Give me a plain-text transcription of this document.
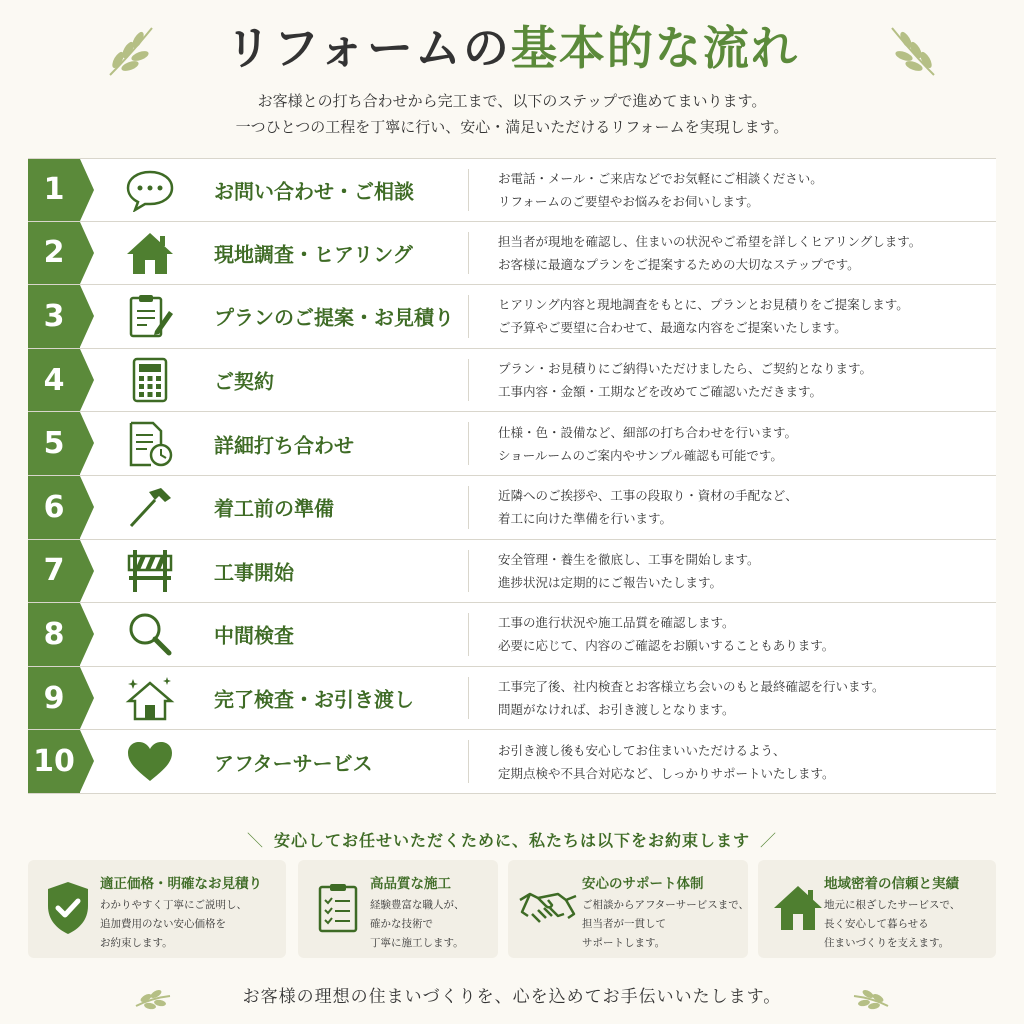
リフォームの基本的な流れ
お客様との打ち合わせから完工まで、以下のステップで進めてまいります。
一つひとつの工程を丁寧に行い、安心・満足いただけるリフォームを実現します。
1	お問い合わせ・ご相談
お電話・メール・ご来店などでお気軽にご相談ください。
リフォームのご要望やお悩みをお伺いします。
2	現地調査・ヒアリング
担当者が現地を確認し、住まいの状況やご希望を詳しくヒアリングします。
お客様に最適なプランをご提案するための大切なステップです。
3	プランのご提案・お見積り
ヒアリング内容と現地調査をもとに、プランとお見積りをご提案します。
ご予算やご要望に合わせて、最適な内容をご提案いたします。
4	ご契約
プラン・お見積りにご納得いただけましたら、ご契約となります。
工事内容・金額・工期などを改めてご確認いただきます。
5	詳細打ち合わせ
仕様・色・設備など、細部の打ち合わせを行います。
ショールームのご案内やサンプル確認も可能です。
6	着工前の準備
近隣へのご挨拶や、工事の段取り・資材の手配など、
着工に向けた準備を行います。
7	工事開始
安全管理・養生を徹底し、工事を開始します。
進捗状況は定期的にご報告いたします。
8	中間検査
工事の進行状況や施工品質を確認します。
必要に応じて、内容のご確認をお願いすることもあります。
9	完了検査・お引き渡し
工事完了後、社内検査とお客様立ち会いのもと最終確認を行います。
問題がなければ、お引き渡しとなります。
10	アフターサービス
お引き渡し後も安心してお住まいいただけるよう、
定期点検や不具合対応など、しっかりサポートいたします。
＼ 安心してお任せいただくために、私たちは以下をお約束します ／
適正価格・明確なお見積り
わかりやすく丁寧にご説明し、
追加費用のない安心価格を
お約束します。
高品質な施工
経験豊富な職人が、
確かな技術で
丁寧に施工します。
安心のサポート体制
ご相談からアフターサービスまで、
担当者が一貫して
サポートします。
地域密着の信頼と実績
地元に根ざしたサービスで、
長く安心して暮らせる
住まいづくりを支えます。
お客様の理想の住まいづくりを、心を込めてお手伝いいたします。
